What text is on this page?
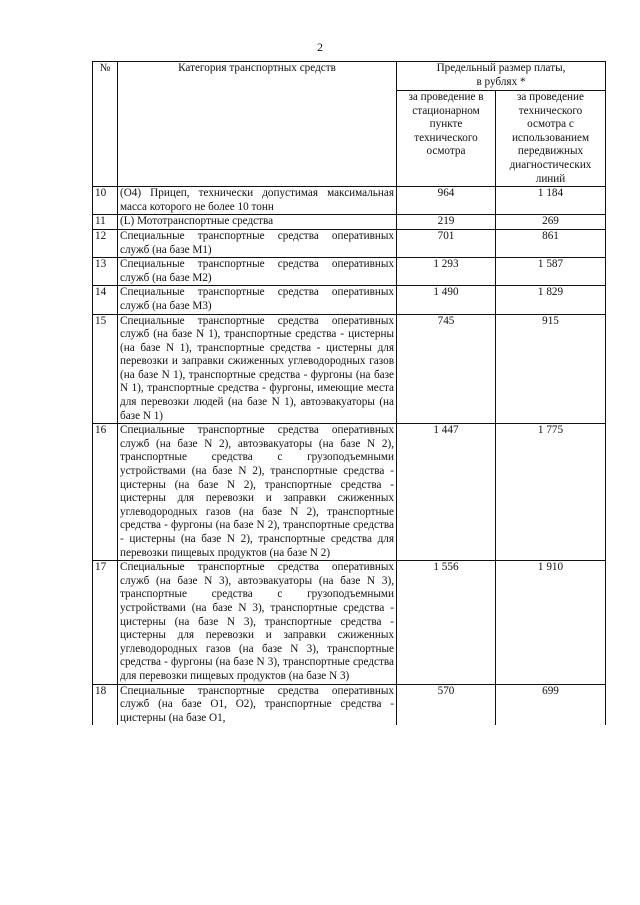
2
№	Категория транспортных средств	Предельный размер платы,
в рублях *	

		за проведение в стационарном пункте технического осмотра	за проведение технического осмотра с использованием передвижных диагностических линий
10	(O4) Прицеп, технически допустимая максимальная масса которого не более 10 тонн	964	1 184
11	(L) Мототранспортные средства	219	269
12	Специальные транспортные средства оперативных служб (на базе M1)	701	861
13	Специальные транспортные средства оперативных служб (на базе M2)	1 293	1 587
14	Специальные транспортные средства оперативных служб (на базе M3)	1 490	1 829
15	Специальные транспортные средства оперативных служб (на базе N 1), транспортные средства - цистерны (на базе N 1), транспортные средства - цистерны для перевозки и заправки сжиженных углеводородных газов (на базе N 1), транспортные средства - фургоны (на базе N 1), транспортные средства - фургоны, имеющие места для перевозки людей (на базе N 1), автоэвакуаторы (на базе N 1)	745	915
16	Специальные транспортные средства оперативных служб (на базе N 2), автоэвакуаторы (на базе N 2), транспортные средства с грузоподъемными устройствами (на базе N 2), транспортные средства - цистерны (на базе N 2), транспортные средства - цистерны для перевозки и заправки сжиженных углеводородных газов (на базе N 2), транспортные средства - фургоны (на базе N 2), транспортные средства - цистерны (на базе N 2), транспортные средства для перевозки пищевых продуктов (на базе N 2)	1 447	1 775
17	Специальные транспортные средства оперативных служб (на базе N 3), автоэвакуаторы (на базе N 3), транспортные средства с грузоподъемными устройствами (на базе N 3), транспортные средства - цистерны (на базе N 3), транспортные средства - цистерны для перевозки и заправки сжиженных углеводородных газов (на базе N 3), транспортные средства - фургоны (на базе N 3), транспортные средства для перевозки пищевых продуктов (на базе N 3)	1 556	1 910
18	Специальные транспортные средства оперативных служб (на базе O1, O2), транспортные средства - цистерны (на базе O1,	570	699
